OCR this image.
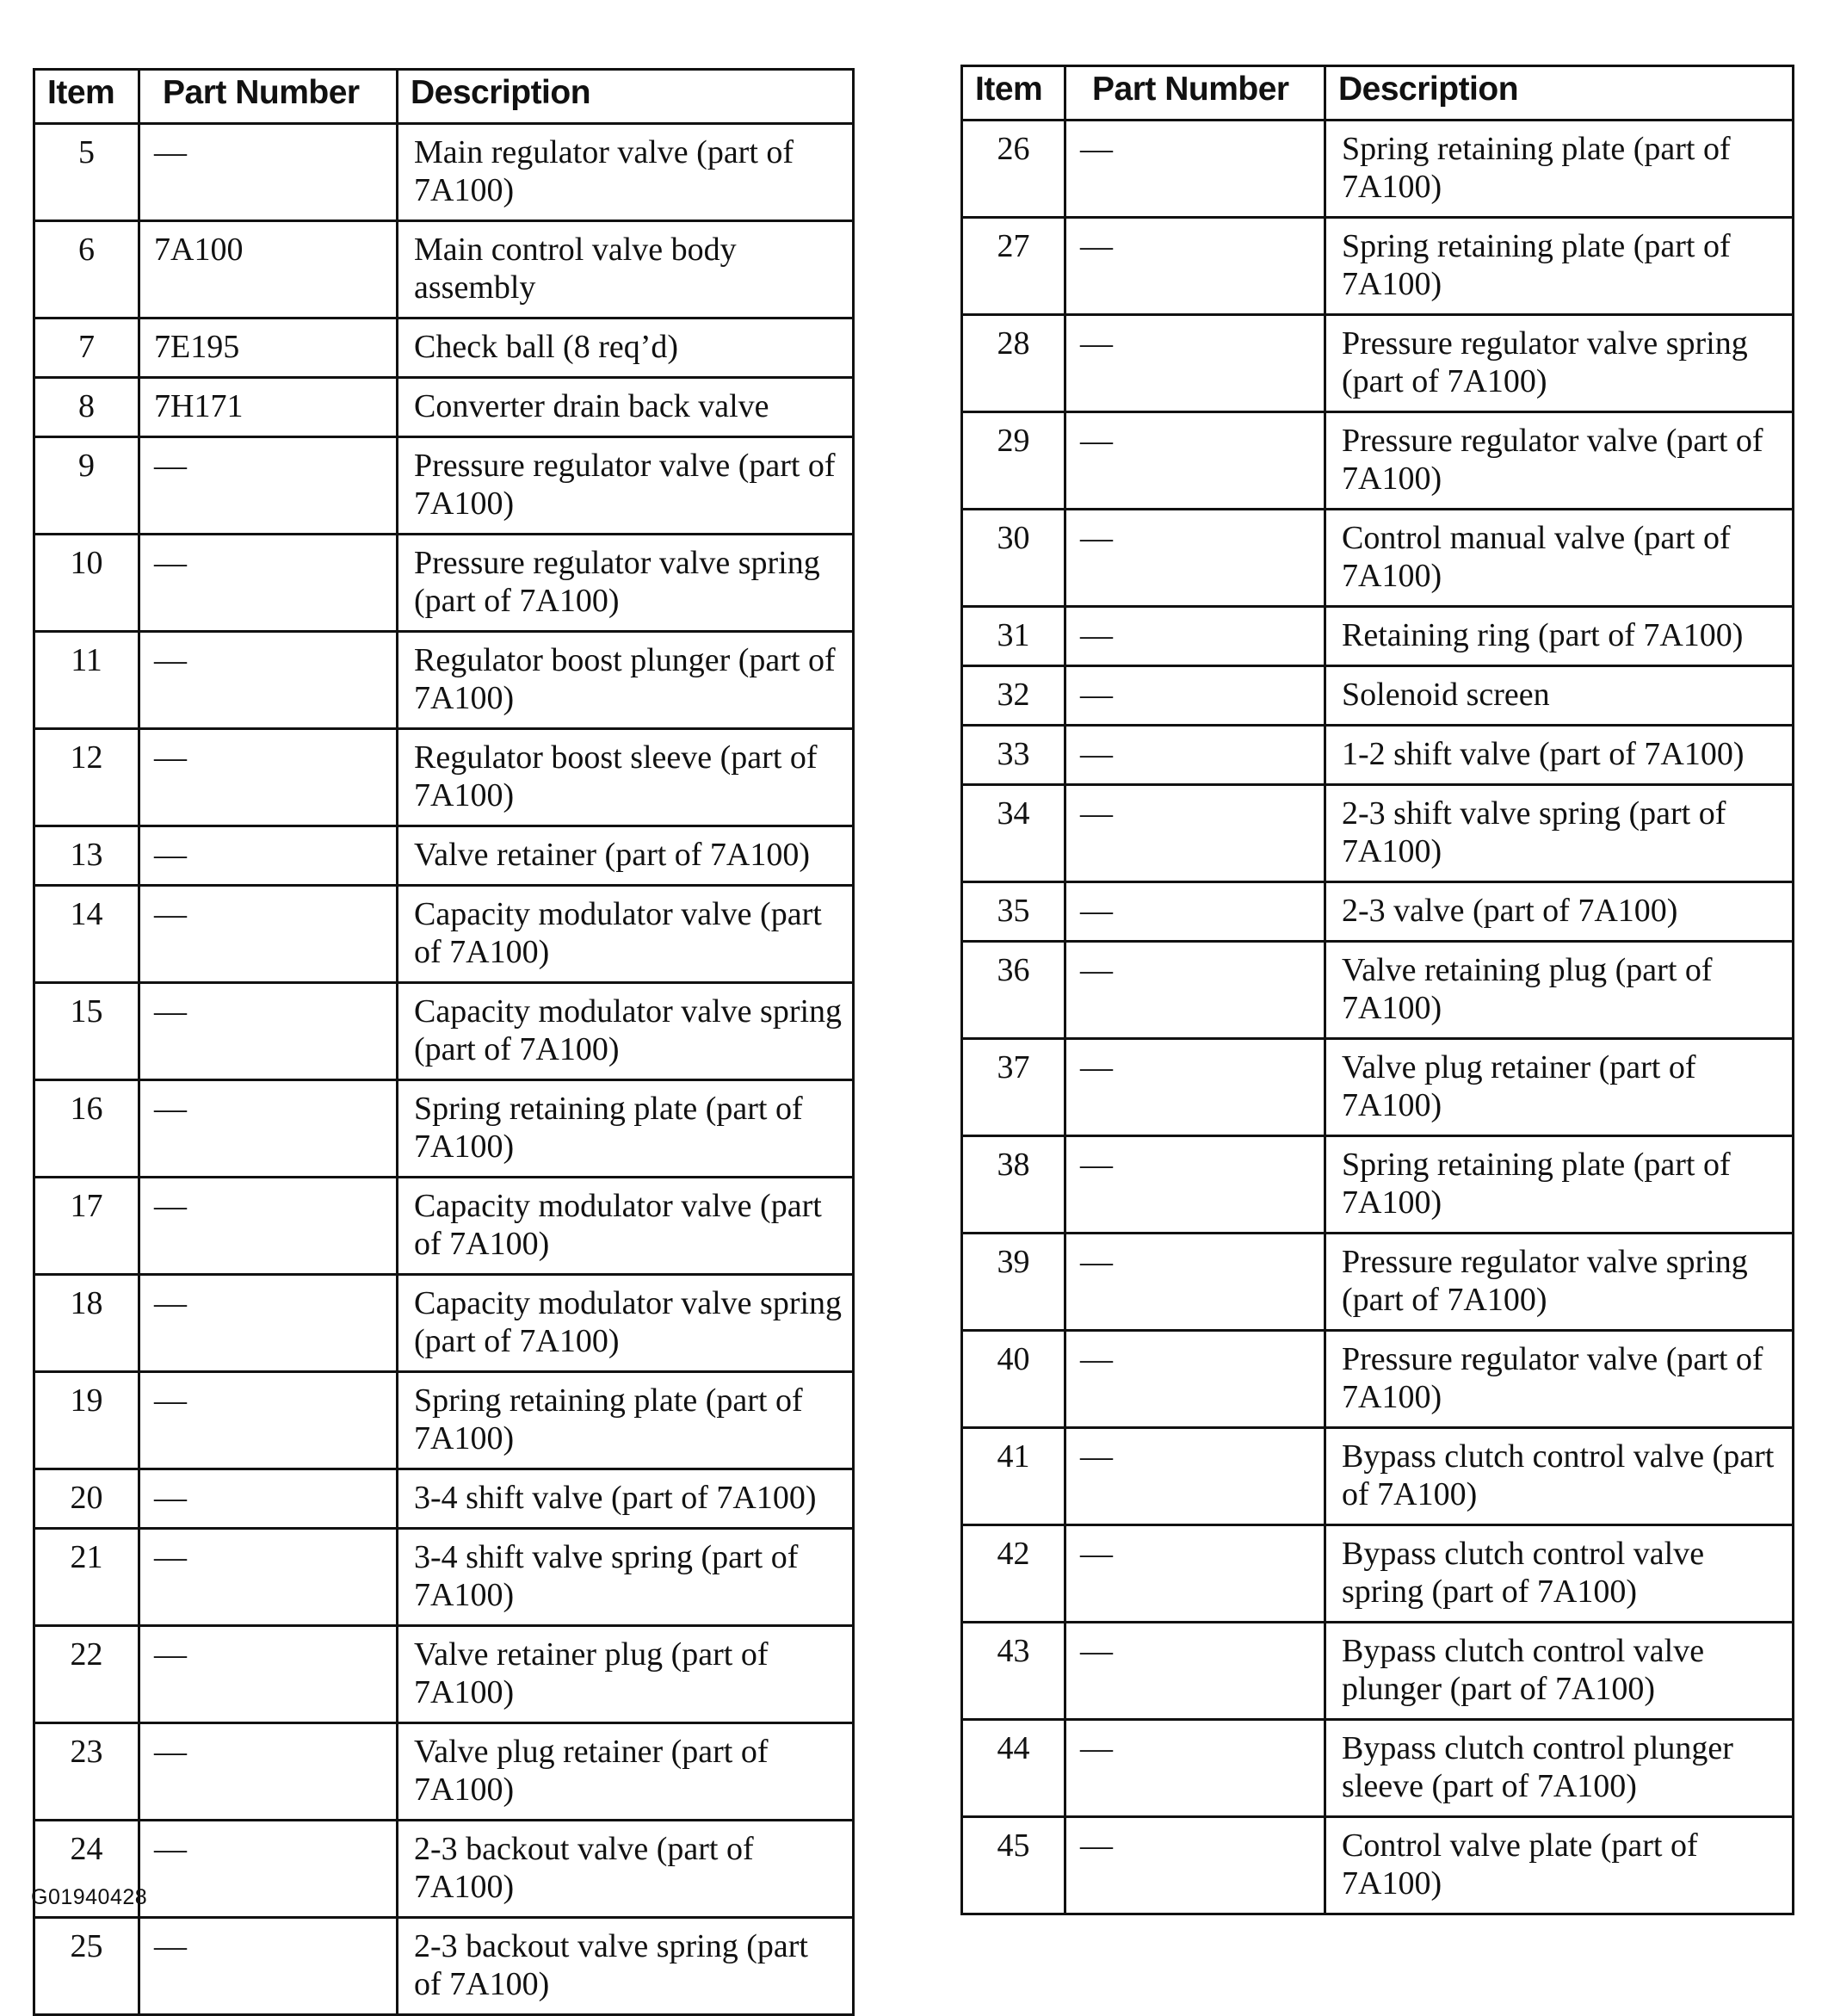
Item	Part Number	Description
5	—	Main regulator valve (part of 7A100)
6	7A100	Main control valve body assembly
7	7E195	Check ball (8 req’d)
8	7H171	Converter drain back valve
9	—	Pressure regulator valve (part of 7A100)
10	—	Pressure regulator valve spring (part of 7A100)
11	—	Regulator boost plunger (part of 7A100)
12	—	Regulator boost sleeve (part of 7A100)
13	—	Valve retainer (part of 7A100)
14	—	Capacity modulator valve (part of 7A100)
15	—	Capacity modulator valve spring (part of 7A100)
16	—	Spring retaining plate (part of 7A100)
17	—	Capacity modulator valve (part of 7A100)
18	—	Capacity modulator valve spring (part of 7A100)
19	—	Spring retaining plate (part of 7A100)
20	—	3-4 shift valve (part of 7A100)
21	—	3-4 shift valve spring (part of 7A100)
22	—	Valve retainer plug (part of 7A100)
23	—	Valve plug retainer (part of 7A100)
24	—	2-3 backout valve (part of 7A100)
25	—	2-3 backout valve spring (part of 7A100)
Item	Part Number	Description
26	—	Spring retaining plate (part of 7A100)
27	—	Spring retaining plate (part of 7A100)
28	—	Pressure regulator valve spring (part of 7A100)
29	—	Pressure regulator valve (part of 7A100)
30	—	Control manual valve (part of 7A100)
31	—	Retaining ring (part of 7A100)
32	—	Solenoid screen
33	—	1-2 shift valve (part of 7A100)
34	—	2-3 shift valve spring (part of 7A100)
35	—	2-3 valve (part of 7A100)
36	—	Valve retaining plug (part of 7A100)
37	—	Valve plug retainer (part of 7A100)
38	—	Spring retaining plate (part of 7A100)
39	—	Pressure regulator valve spring (part of 7A100)
40	—	Pressure regulator valve (part of 7A100)
41	—	Bypass clutch control valve (part of 7A100)
42	—	Bypass clutch control valve spring (part of 7A100)
43	—	Bypass clutch control valve plunger (part of 7A100)
44	—	Bypass clutch control plunger sleeve (part of 7A100)
45	—	Control valve plate (part of 7A100)
G01940428
